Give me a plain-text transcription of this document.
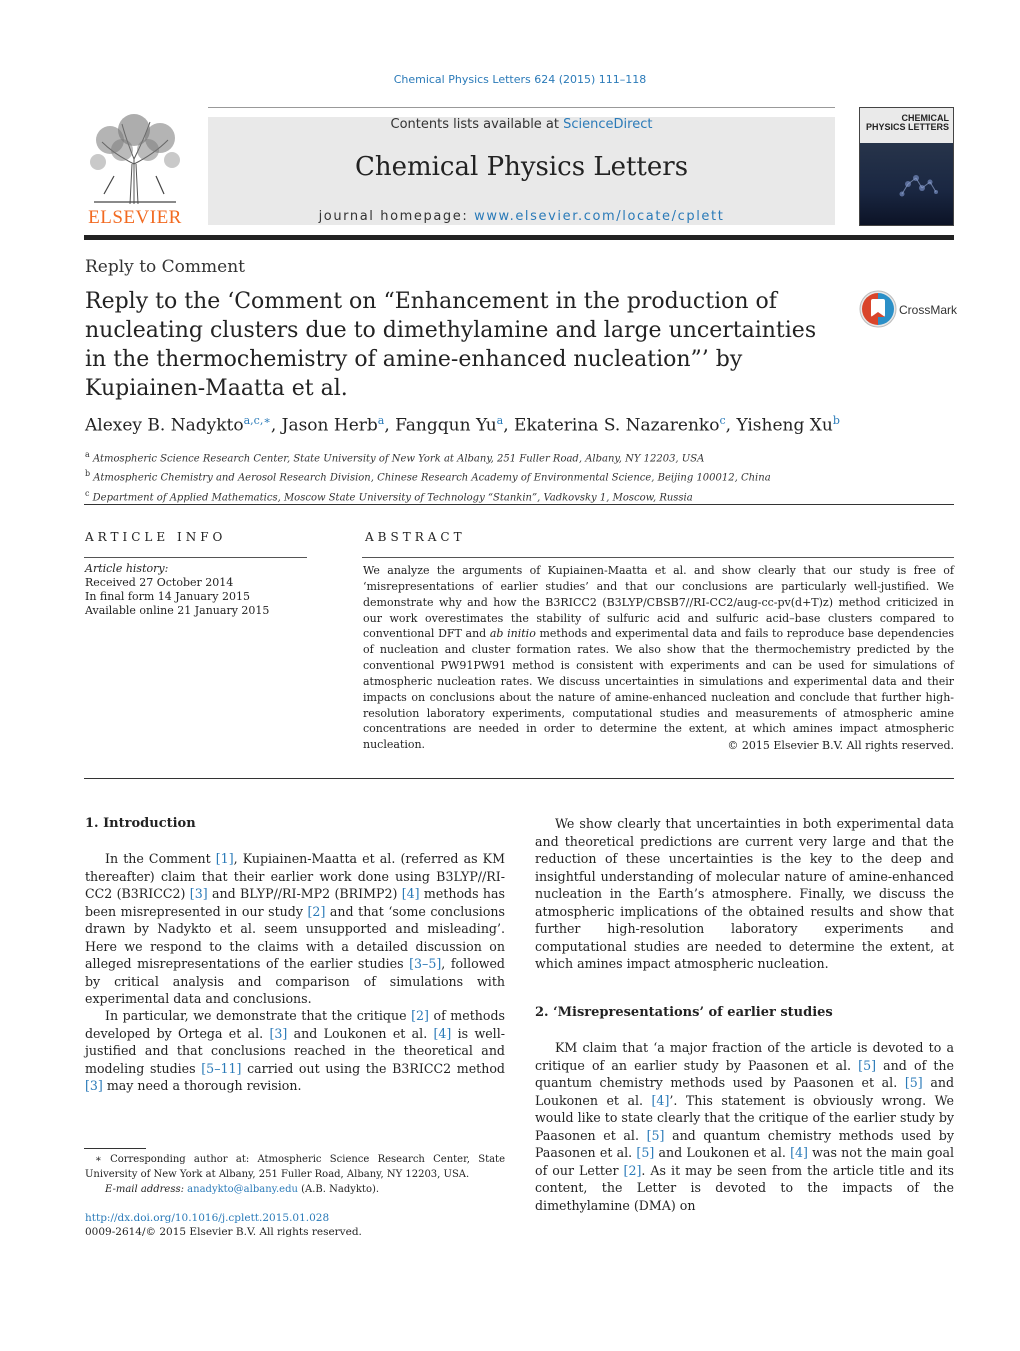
Chemical Physics Letters 624 (2015) 111–118
ELSEVIER
Contents lists available at ScienceDirect
Chemical Physics Letters
journal homepage: www.elsevier.com/locate/cplett
CHEMICAL PHYSICS LETTERS
Reply to Comment
Reply to the ‘Comment on “Enhancement in the production of nucleating clusters due to dimethylamine and large uncertainties in the thermochemistry of amine-enhanced nucleation”’ by Kupiainen-Maatta et al.
CrossMark
Alexey B. Nadykto$^{a,c,∗}$, Jason Herb$^a$, Fangqun Yu$^a$, Ekaterina S. Nazarenko$^c$, Yisheng Xu$^b$
$^a$ Atmospheric Science Research Center, State University of New York at Albany, 251 Fuller Road, Albany, NY 12203, USA
$^b$ Atmospheric Chemistry and Aerosol Research Division, Chinese Research Academy of Environmental Science, Beijing 100012, China
$^c$ Department of Applied Mathematics, Moscow State University of Technology “Stankin”, Vadkovsky 1, Moscow, Russia
ARTICLE INFO
Article history:
Received 27 October 2014
In final form 14 January 2015
Available online 21 January 2015
ABSTRACT
We analyze the arguments of Kupiainen-Maatta et al. and show clearly that our study is free of ‘misrepresentations of earlier studies’ and that our conclusions are particularly well-justified. We demonstrate why and how the B3RICC2 (B3LYP/CBSB7//RI-CC2/aug-cc-pv(d+T)z) method criticized in our work overestimates the stability of sulfuric acid and sulfuric acid–base clusters compared to conventional DFT and ab initio methods and experimental data and fails to reproduce base dependencies of nucleation and cluster formation rates. We also show that the thermochemistry predicted by the conventional PW91PW91 method is consistent with experiments and can be used for simulations of atmospheric nucleation rates. We discuss uncertainties in simulations and experimental data and their impacts on conclusions about the nature of amine-enhanced nucleation and conclude that further high-resolution laboratory experiments, computational studies and measurements of atmospheric amine concentrations are needed in order to determine the extent, at which amines impact atmospheric nucleation.	© 2015 Elsevier B.V. All rights reserved.
1. Introduction
In the Comment [1], Kupiainen-Maatta et al. (referred as KM thereafter) claim that their earlier work done using B3LYP//RI-CC2 (B3RICC2) [3] and BLYP//RI-MP2 (BRIMP2) [4] methods has been misrepresented in our study [2] and that ‘some conclusions drawn by Nadykto et al. seem unsupported and misleading’. Here we respond to the claims with a detailed discussion on alleged misrepresentations of the earlier studies [3–5], followed by critical analysis and comparison of simulations with experimental data and conclusions.
In particular, we demonstrate that the critique [2] of methods developed by Ortega et al. [3] and Loukonen et al. [4] is well-justified and that conclusions reached in the theoretical and modeling studies [5–11] carried out using the B3RICC2 method [3] may need a thorough revision.
∗ Corresponding author at: Atmospheric Science Research Center, State University of New York at Albany, 251 Fuller Road, Albany, NY 12203, USA.
E-mail address: anadykto@albany.edu (A.B. Nadykto).
http://dx.doi.org/10.1016/j.cplett.2015.01.028
0009-2614/© 2015 Elsevier B.V. All rights reserved.
We show clearly that uncertainties in both experimental data and theoretical predictions are current very large and that the reduction of these uncertainties is the key to the deep and insightful understanding of molecular nature of amine-enhanced nucleation in the Earth’s atmosphere. Finally, we discuss the atmospheric implications of the obtained results and show that further high-resolution laboratory experiments and computational studies are needed to determine the extent, at which amines impact atmospheric nucleation.
2. ‘Misrepresentations’ of earlier studies
KM claim that ‘a major fraction of the article is devoted to a critique of an earlier study by Paasonen et al. [5] and of the quantum chemistry methods used by Paasonen et al. [5] and Loukonen et al. [4]’. This statement is obviously wrong. We would like to state clearly that the critique of the earlier study by Paasonen et al. [5] and quantum chemistry methods used by Paasonen et al. [5] and Loukonen et al. [4] was not the main goal of our Letter [2]. As it may be seen from the article title and its content, the Letter is devoted to the impacts of the dimethylamine (DMA) on
